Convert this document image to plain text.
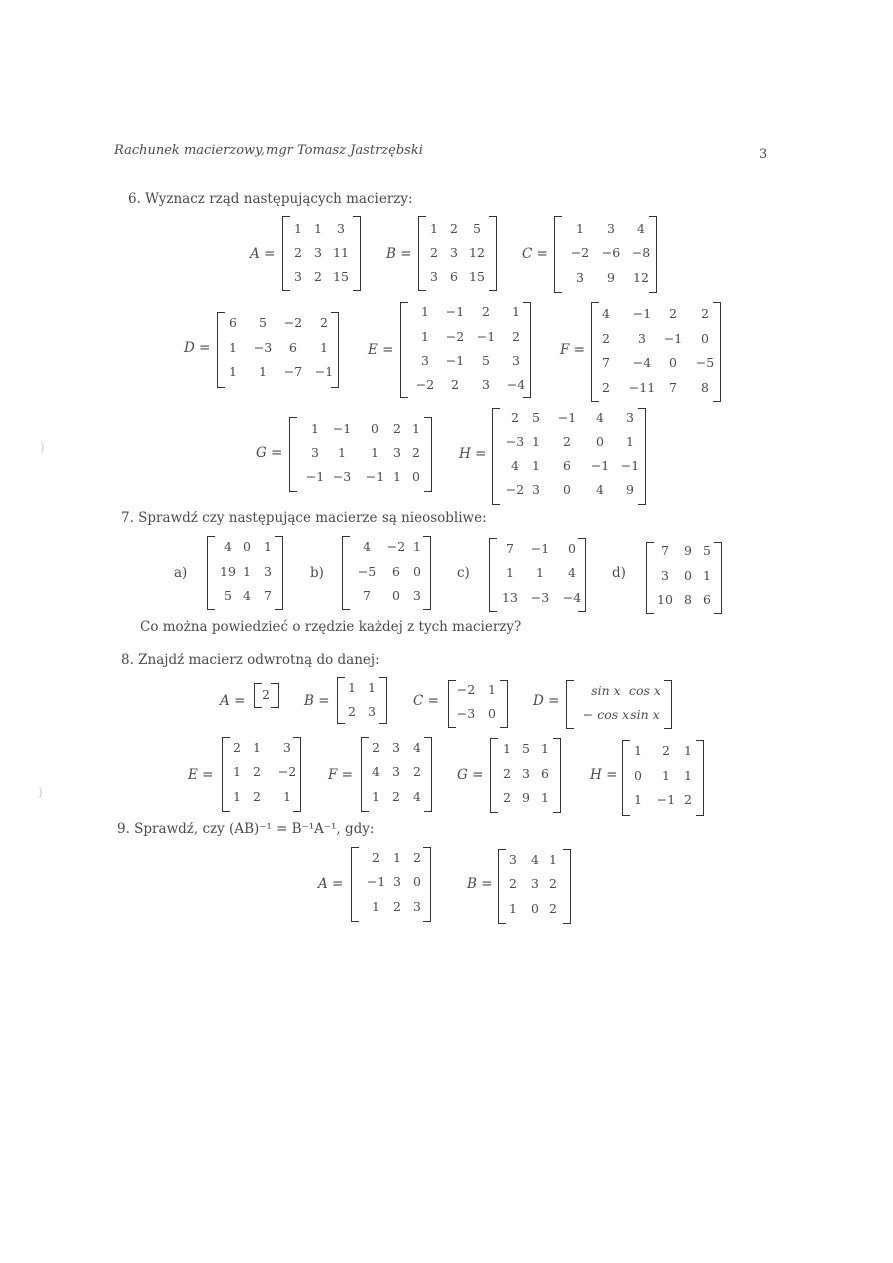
Rachunek macierzowy, mgr Tomasz Jastrzębski	3
6. Wyznacz rząd następujących macierzy:
7. Sprawdź czy następujące macierze są nieosobliwe:
Co można powiedzieć o rzędzie każdej z tych macierzy?
8. Znajdź macierz odwrotną do danej:
9. Sprawdź, czy (AB)⁻¹ = B⁻¹A⁻¹, gdy:
A =	B =	C =
D =	E =	F =
G =	H =
a)	b)	c)	d)
A =	B =	C =	D =
E =	F =	G =	H =
A =	B =
1 1 3
2 3 11
3 2 15
1 2 5
2 3 12
3 6 15
1 3 4
−2 −6 −8
3 9 12
6 5 −2 2
1 −3 6 1
1 1 −7 −1
1 −1 2 1
1 −2 −1 2
3 −1 5 3
−2 2 3 −4
4 −1 2 2
2 3 −1 0
7 −4 0 −5
2 −11 7 8
1 −1 0 2 1
3 1 1 3 2
−1 −3 −1 1 0
2 5 −1 4 3
−3 1 2 0 1
4 1 6 −1 −1
−2 3 0 4 9
4 0 1
19 1 3
5 4 7
4 −2 1
−5 6 0
7 0 3
7 −1 0
1 1 4
13 −3 −4
7 9 5
3 0 1
10 8 6
2	1 1
2 3
−2 1
−3 0
sin x cos x
− cos x sin x
2 1 3
1 2 −2
1 2 1
2 3 4
4 3 2
1 2 4
1 5 1
2 3 6
2 9 1
1 2 1
0 1 1
1 −1 2
2 1 2
−1 3 0
1 2 3
3 4 1
2 3 2
1 0 2
)
)
